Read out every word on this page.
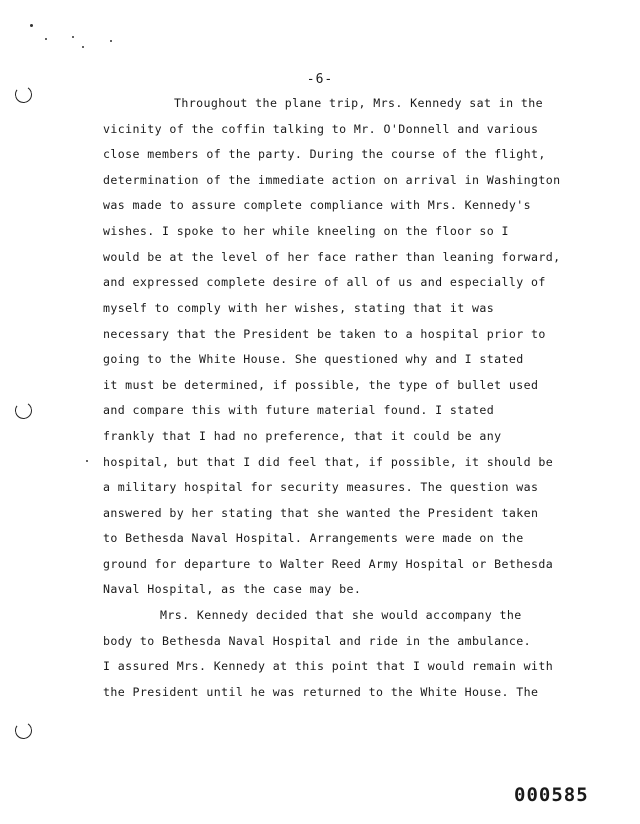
-6-
Throughout the plane trip, Mrs. Kennedy sat in the
vicinity of the coffin talking to Mr. O'Donnell and various
close members of the party. During the course of the flight,
determination of the immediate action on arrival in Washington
was made to assure complete compliance with Mrs. Kennedy's
wishes. I spoke to her while kneeling on the floor so I
would be at the level of her face rather than leaning forward,
and expressed complete desire of all of us and especially of
myself to comply with her wishes, stating that it was
necessary that the President be taken to a hospital prior to
going to the White House. She questioned why and I stated
it must be determined, if possible, the type of bullet used
and compare this with future material found. I stated
frankly that I had no preference, that it could be any
hospital, but that I did feel that, if possible, it should be
a military hospital for security measures. The question was
answered by her stating that she wanted the President taken
to Bethesda Naval Hospital. Arrangements were made on the
ground for departure to Walter Reed Army Hospital or Bethesda
Naval Hospital, as the case may be.
Mrs. Kennedy decided that she would accompany the
body to Bethesda Naval Hospital and ride in the ambulance.
I assured Mrs. Kennedy at this point that I would remain with
the President until he was returned to the White House. The
000585
